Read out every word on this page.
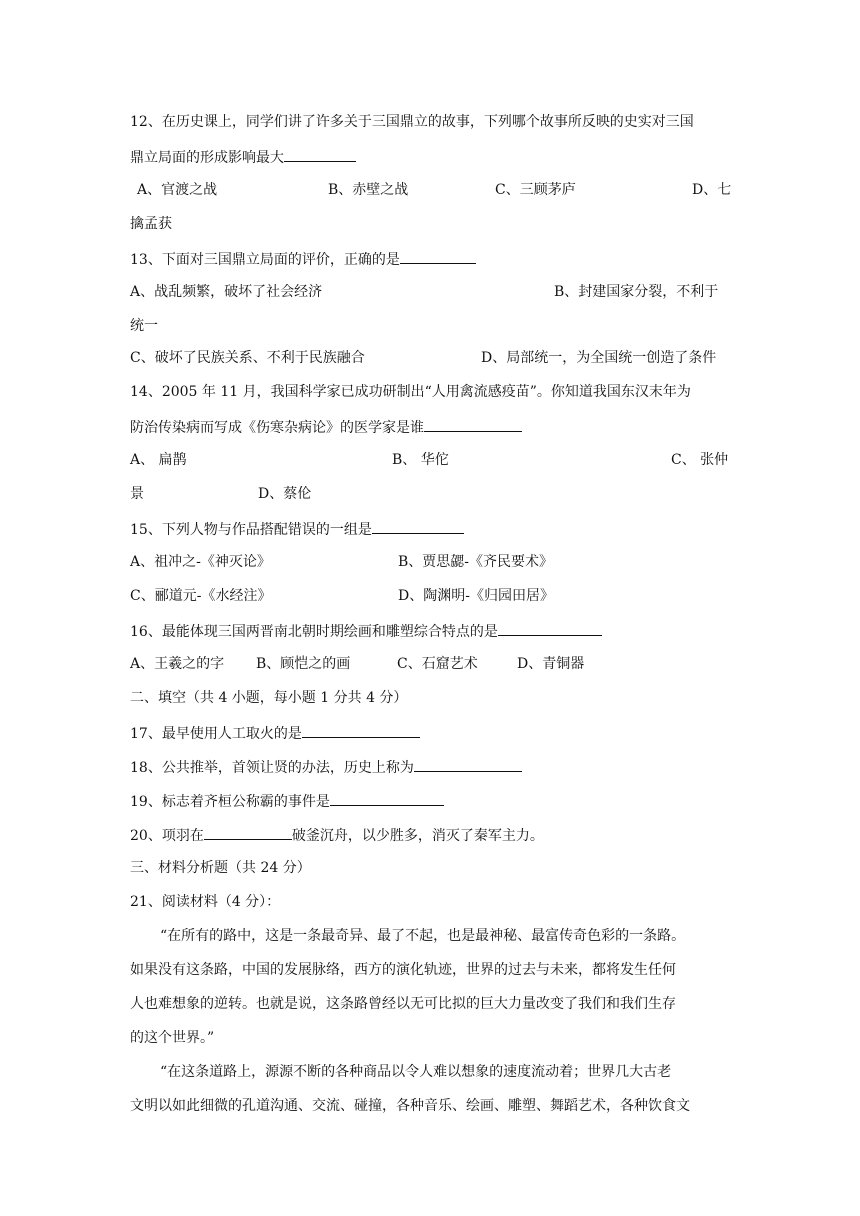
12、在历史课上，同学们讲了许多关于三国鼎立的故事，下列哪个故事所反映的史实对三国
鼎立局面的形成影响最大
A、官渡之战	B、赤壁之战	C、三顾茅庐	D、七
擒孟获
13、下面对三国鼎立局面的评价，正确的是
A、战乱频繁，破坏了社会经济	B、封建国家分裂，不利于
统一
C、破坏了民族关系、不利于民族融合	D、局部统一，为全国统一创造了条件
14、2005 年 11 月，我国科学家已成功研制出“人用禽流感疫苗”。你知道我国东汉末年为
防治传染病而写成《伤寒杂病论》的医学家是谁
A、 扁鹊	B、 华佗	C、 张仲
景	D、蔡伦
15、下列人物与作品搭配错误的一组是
A、祖冲之-《神灭论》	B、贾思勰-《齐民要术》
C、郦道元-《水经注》	D、陶渊明-《归园田居》
16、最能体现三国两晋南北朝时期绘画和雕塑综合特点的是
A、王羲之的字 B、顾恺之的画	C、石窟艺术	D、青铜器
二、填空（共 4 小题，每小题 1 分共 4 分）
17、最早使用人工取火的是
18、公共推举，首领让贤的办法，历史上称为
19、标志着齐桓公称霸的事件是
20、项羽在	破釜沉舟，以少胜多，消灭了秦军主力。
三、材料分析题（共 24 分）
21、阅读材料（4 分）：
“在所有的路中，这是一条最奇异、最了不起，也是最神秘、最富传奇色彩的一条路。
如果没有这条路，中国的发展脉络，西方的演化轨迹，世界的过去与未来，都将发生任何
人也难想象的逆转。也就是说，这条路曾经以无可比拟的巨大力量改变了我们和我们生存
的这个世界。”
“在这条道路上，源源不断的各种商品以令人难以想象的速度流动着；世界几大古老
文明以如此细微的孔道沟通、交流、碰撞，各种音乐、绘画、雕塑、舞蹈艺术，各种饮食文
